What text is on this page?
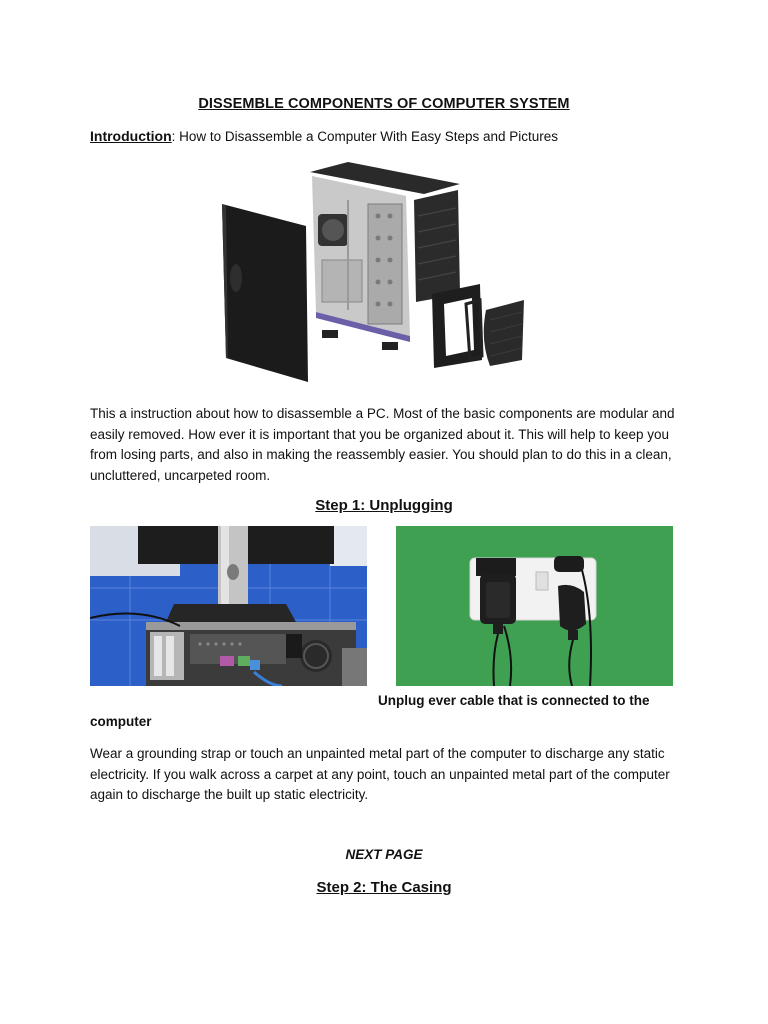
DISSEMBLE COMPONENTS OF COMPUTER SYSTEM
Introduction: How to Disassemble a Computer With Easy Steps and Pictures
This a instruction about how to disassemble a PC. Most of the basic components are modular and easily removed. How ever it is important that you be organized about it. This will help to keep you from losing parts, and also in making the reassembly easier. You should plan to do this in a clean, uncluttered, uncarpeted room.
Step 1: Unplugging
Unplug ever cable that is connected to the
computer
Wear a grounding strap or touch an unpainted metal part of the computer to discharge any static electricity. If you walk across a carpet at any point, touch an unpainted metal part of the computer again to discharge the built up static electricity.
NEXT PAGE
Step 2: The Casing
